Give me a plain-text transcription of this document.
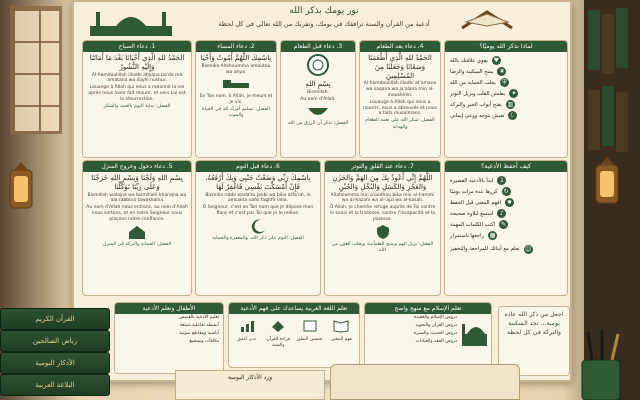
نور يومك بذكر الله
أدعية من القرآن والسنة ترافقك في يومك، وتقربك من الله تعالى في كل لحظة
لماذا نذكر الله يوميًا؟
♥
يقوي علاقتك بالله
❦
يمنح السكينة والرضا
⛨
يجلب الحماية من الله
✦
يطمئن القلب ويزيل التوتر
▥
يفتح أبواب الخير والبركة
☾
تعيش بتوجه ووعي إيماني
1. دعاء الصباح
الحَمْدُ للهِ الَّذِي أَحْيَانَا بَعْدَ مَا أَمَاتَنَا وَإِلَيْهِ النُّشُورُ
Al-hamdoulillah illadhi ahyana ba'da ma amatana wa ilayhi nushur.
Louange à Allah qui nous a redonné la vie après nous avoir fait mourir, et vers Lui est la résurrection.
الفضل: بداية اليوم بالحمد والشكر
2. دعاء المساء
بِاسْمِكَ اللَّهُمَّ أَمُوتُ وَأَحْيَا
Bismika Allahoumma amoutou wa ahya.
En Ton nom, ô Allah, je meurs et je vis.
الفضل: تسليم أمرك لله في الحياة والموت
3. دعاء قبل الطعام
بِسْمِ اللهِ
Bismillah.
Au nom d'Allah.
الفضل: تذكر أن الرزق من الله
4. دعاء بعد الطعام
الحَمْدُ للهِ الَّذِي أَطْعَمَنَا وَسَقَانَا وَجَعَلَنَا مِنَ المُسْلِمِينَ
Al-hamdoulillah illadhi at'amana wa saqana wa ja'alana min al-mouslimin.
Louange à Allah qui nous a nourris, nous a abreuvés et nous a faits musulmans.
الفضل: شكر الله على نعمة الطعام والهداية
5. دعاء دخول وخروج المنزل
بِسْمِ اللهِ وَلَجْنَا وَبِسْمِ اللهِ خَرَجْنَا وَعَلَى رَبِّنَا تَوَكَّلْنَا
Bismillah walajna wa bismillahi kharajna wa 'ala rabbina tawakkalna.
Au nom d'Allah nous entrons, au nom d'Allah nous sortons, et en notre Seigneur nous plaçons notre confiance.
الفضل: الحماية والبركة في المنزل
6. دعاء قبل النوم
بِاسْمِكَ رَبِّي وَضَعْتُ جَنْبِي وَبِكَ أَرْفَعُهُ، فَإِنْ أَمْسَكْتَ نَفْسِي فَاغْفِرْ لَهَا
Bismika rabbi wada'tu janbi wa bika arfa'uh, in amsakta nafsi faghfir laha.
Ô Seigneur, c'est en Ton nom que je dépose mon flanc et c'est par Toi que je le relève.
الفضل: النوم على ذكر الله، والمغفرة والحماية
7. دعاء عند القلق والتوتر
اللَّهُمَّ إِنِّي أَعُوذُ بِكَ مِنَ الهَمِّ وَالحَزَنِ وَالعَجْزِ وَالكَسَلِ وَالبُخْلِ وَالجُبْنِ
Allahoumma inni a'oudhou bika min al-hammi wa al-hazani wa al-'ajzi wa al-kasali.
Ô Allah, je cherche refuge auprès de Toi contre le souci et la tristesse, contre l'incapacité et la paresse.
الفضل: يزيل الهم ويمنح الطمأنينة ويجلب العون من الله
كيف أحفظ الأدعية؟
1
ابدأ بالأدعية القصيرة
↻
كررها عدة مرات يوميًا
✹
افهم المعنى قبل الحفظ
♪
استمع لتلاوة صحيحة
✎
اكتب الكلمات المهمة
▦
راجعها باستمرار
☺
تعلم مع أبنائك للمراجعة والتحفيز
الأطفال وتعلم الأدعية
تعليم الأدعية بالقصص
أنشطة تفاعلية ممتعة
أناشيد ومقاطع صوتية
مكافآت وتشجيع
تعلم اللغة العربية يساعدك على فهم الأدعية
فهم المعنى
تحسين النطق
قراءة القرآن والسنة
تدبر أعمق
تعلم الإسلام مع منهج واضح
دروس الإسلام والعقيدة
دروس القرآن والتجويد
دروس الحديث والسيرة
دروس الفقه والعبادات
اجعل من ذكر الله عادة يومية... تجد السكينة والبركة في كل لحظة
البلاغة العربية
الأذكار اليومية
رياض الصالحين
القرآن الكريم
ورد الأذكار اليومية
